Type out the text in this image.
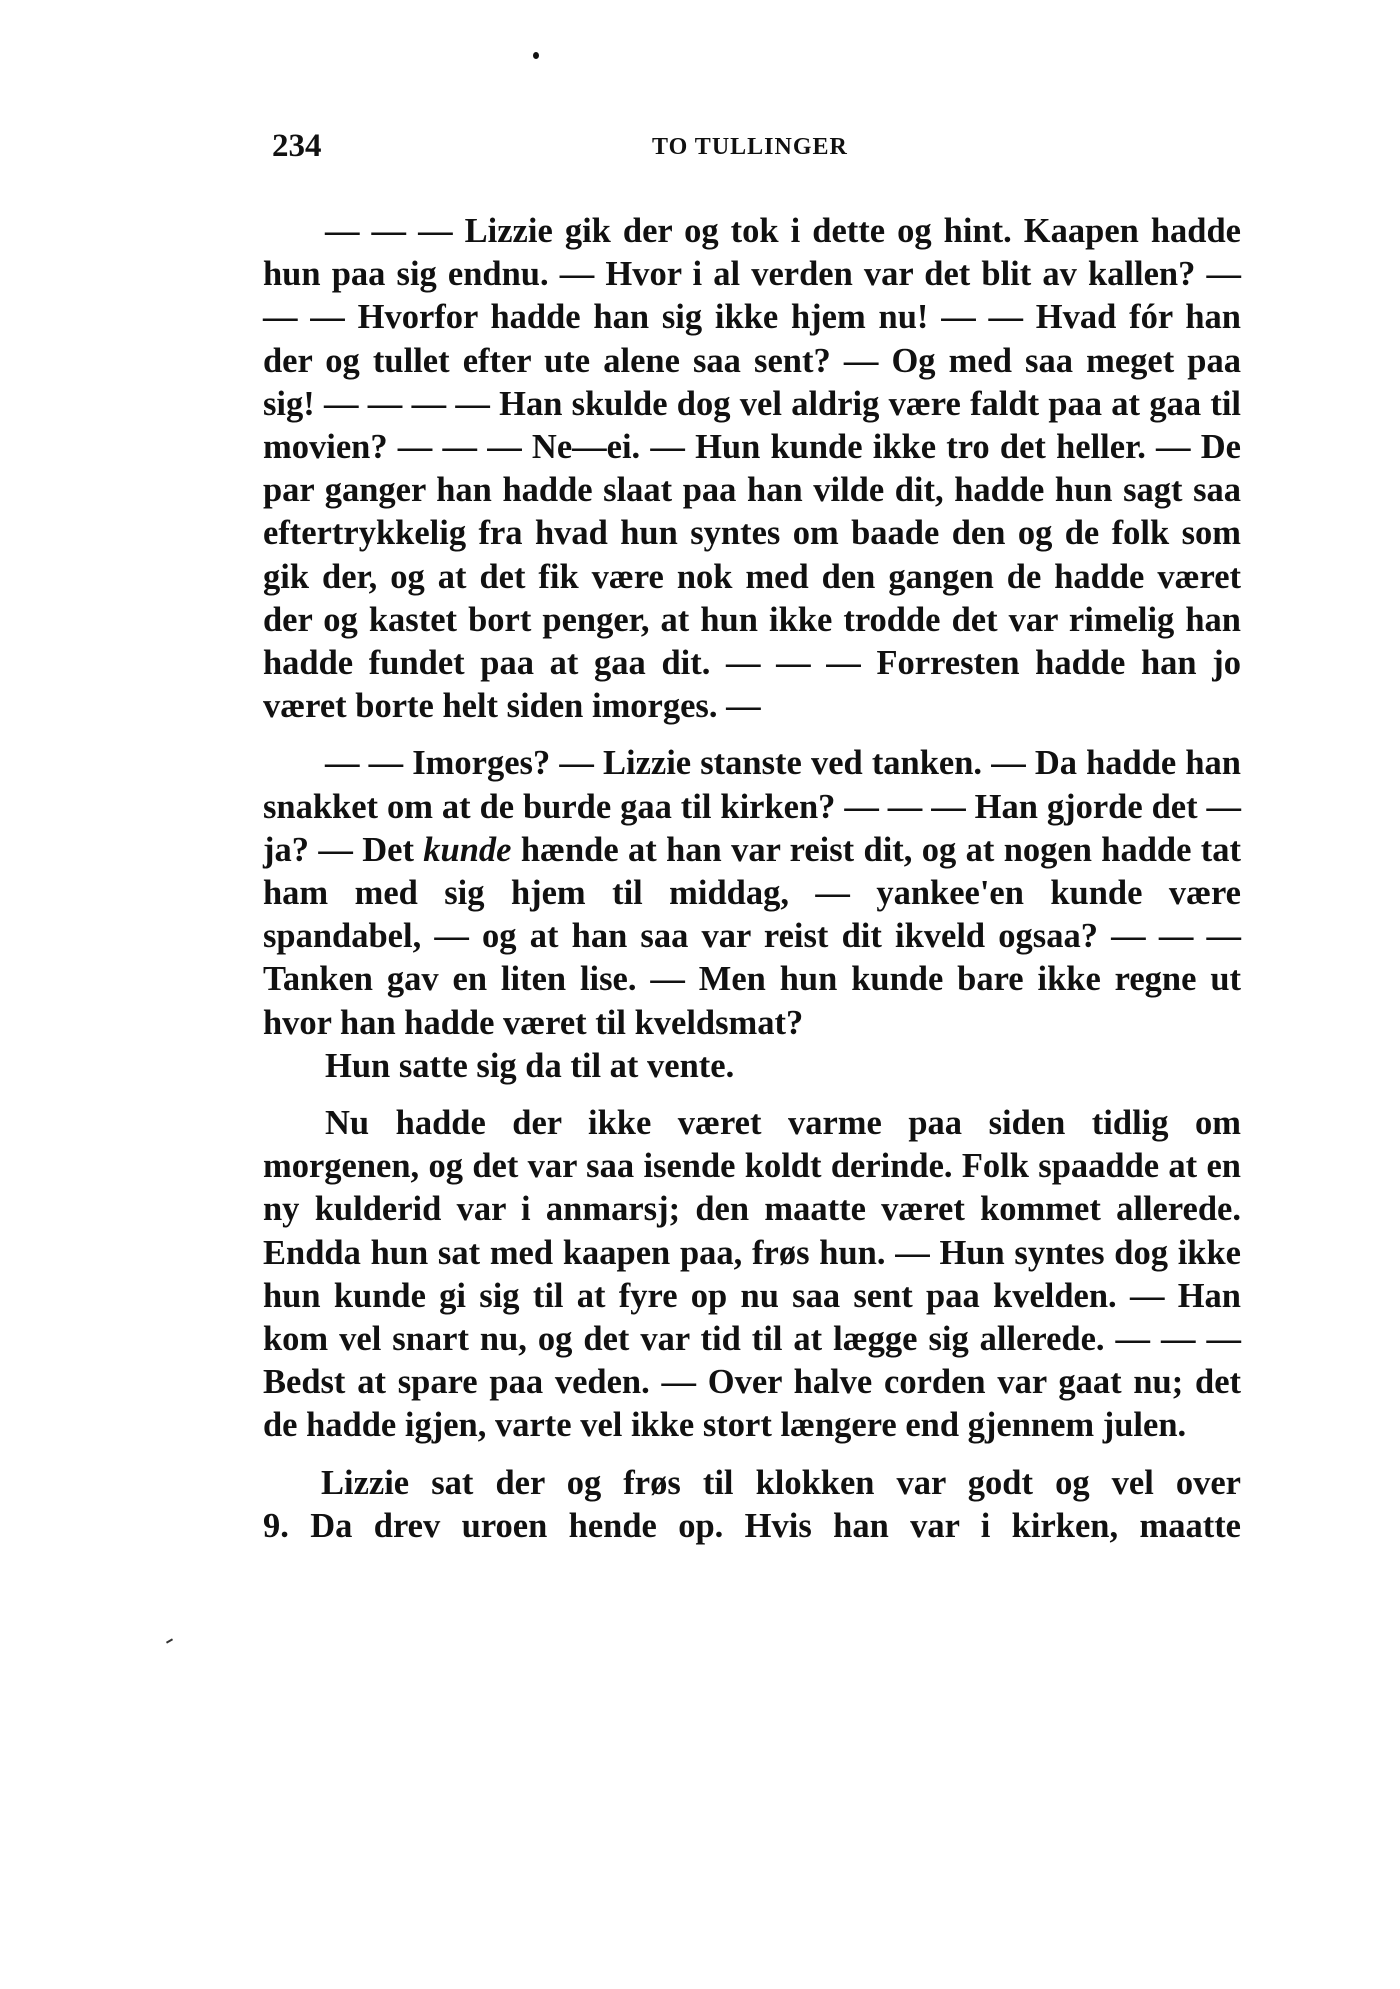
234	TO TULLINGER

— — — Lizzie gik der og tok i dette og hint. Kaapen hadde hun paa sig endnu. — Hvor i al verden var det blit av kallen? — — — Hvorfor hadde han sig ikke hjem nu! — — Hvad fór han der og tullet efter ute alene saa sent? — Og med saa meget paa sig! — — — — Han skulde dog vel aldrig være faldt paa at gaa til movien? — — — Ne—ei. — Hun kunde ikke tro det heller. — De par ganger han hadde slaat paa han vilde dit, hadde hun sagt saa eftertrykkelig fra hvad hun syntes om baade den og de folk som gik der, og at det fik være nok med den gangen de hadde været der og kastet bort penger, at hun ikke trodde det var rimelig han hadde fundet paa at gaa dit. — — — Forresten hadde han jo været borte helt siden imorges. —

— — Imorges? — Lizzie stanste ved tanken. — Da hadde han snakket om at de burde gaa til kirken? — — — Han gjorde det — ja? — Det kunde hænde at han var reist dit, og at nogen hadde tat ham med sig hjem til middag, — yankee'en kunde være spandabel, — og at han saa var reist dit ikveld ogsaa? — — — Tanken gav en liten lise. — Men hun kunde bare ikke regne ut hvor han hadde været til kveldsmat?

Hun satte sig da til at vente.

Nu hadde der ikke været varme paa siden tidlig om morgenen, og det var saa isende koldt derinde. Folk spaadde at en ny kulderid var i anmarsj; den maatte været kommet allerede. Endda hun sat med kaapen paa, frøs hun. — Hun syntes dog ikke hun kunde gi sig til at fyre op nu saa sent paa kvelden. — Han kom vel snart nu, og det var tid til at lægge sig allerede. — — — Bedst at spare paa veden. — Over halve corden var gaat nu; det de hadde igjen, varte vel ikke stort længere end gjennem julen.

Lizzie sat der og frøs til klokken var godt og vel over
9. Da drev uroen hende op. Hvis han var i kirken, maatte
